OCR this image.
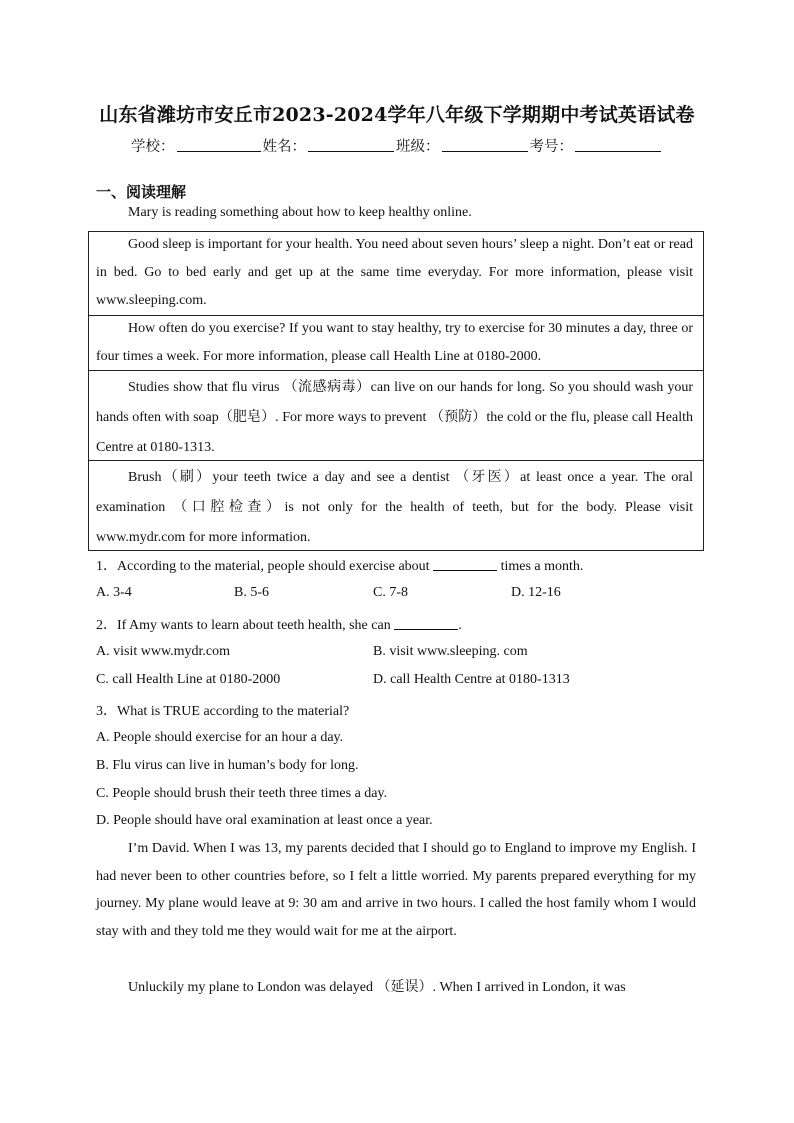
山东省潍坊市安丘市2023-2024学年八年级下学期期中考试英语试卷
学校：	姓名：	班级：	考号：
一、阅读理解
Mary is reading something about how to keep healthy online.

Good sleep is important for your health. You need about seven hours’ sleep a night. Don’t eat or read in bed. Go to bed early and get up at the same time everyday. For more information, please visit www.sleeping.com.

How often do you exercise? If you want to stay healthy, try to exercise for 30 minutes a day, three or four times a week. For more information, please call Health Line at 0180-2000.

Studies show that flu virus （流感病毒）can live on our hands for long. So you should wash your hands often with soap（肥皂）. For more ways to prevent （预防）the cold or the flu, please call Health Centre at 0180-1313.

Brush（刷）your teeth twice a day and see a dentist （牙医）at least once a year. The oral examination （口腔检查）is not only for the health of teeth, but for the body. Please visit www.mydr.com for more information.

1．According to the material, people should exercise about	times a month.
A. 3-4	B. 5-6	C. 7-8	D. 12-16
2．If Amy wants to learn about teeth health, she can	.
A. visit www.mydr.com	B. visit www.sleeping. com
C. call Health Line at 0180-2000	D. call Health Centre at 0180-1313
3．What is TRUE according to the material?
A. People should exercise for an hour a day.
B. Flu virus can live in human’s body for long.
C. People should brush their teeth three times a day.
D. People should have oral examination at least once a year.

I’m David. When I was 13, my parents decided that I should go to England to improve my English. I had never been to other countries before, so I felt a little worried. My parents prepared everything for my journey. My plane would leave at 9: 30 am and arrive in two hours. I called the host family whom I would stay with and they told me they would wait for me at the airport.

Unluckily my plane to London was delayed （延误）. When I arrived in London, it was
